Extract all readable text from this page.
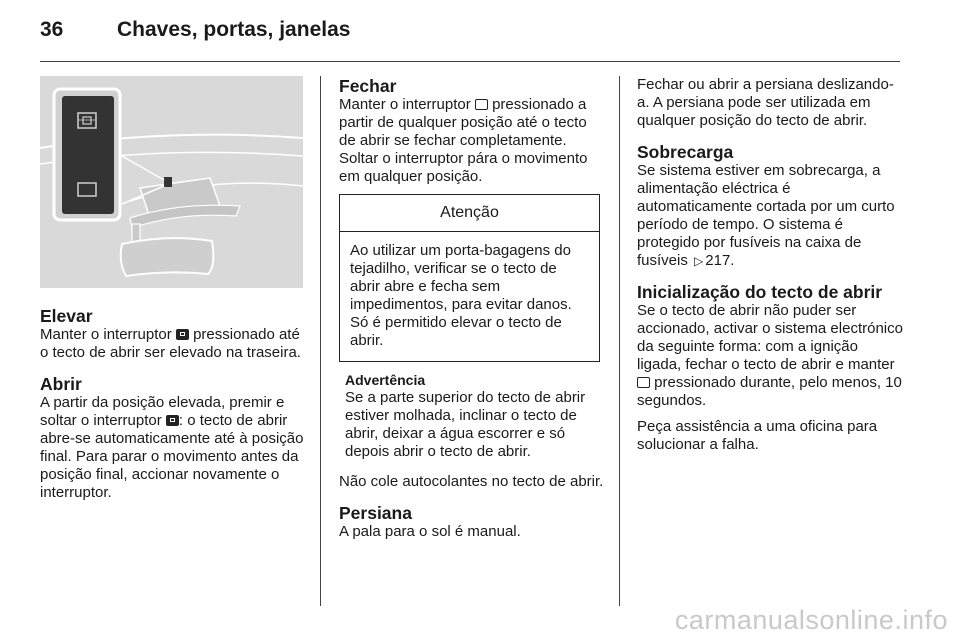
36	Chaves, portas, janelas
Elevar

Manter o interruptor  pressionado até o tecto de abrir ser elevado na traseira.

Abrir

A partir da posição elevada, premir e soltar o interruptor : o tecto de abrir abre-se automaticamente até à posição final. Para parar o movimento antes da posição final, accionar novamente o interruptor.

Fechar

Manter o interruptor  pressionado a partir de qualquer posição até o tecto de abrir se fechar completamente. Soltar o interruptor pára o movimento em qualquer posição.

Atenção
Ao utilizar um porta-bagagens do tejadilho, verificar se o tecto de abrir abre e fecha sem impedimentos, para evitar danos. Só é permitido elevar o tecto de abrir.
Advertência

Se a parte superior do tecto de abrir estiver molhada, inclinar o tecto de abrir, deixar a água escorrer e só depois abrir o tecto de abrir.

Não cole autocolantes no tecto de abrir.

Persiana

A pala para o sol é manual.

Fechar ou abrir a persiana deslizando-a. A persiana pode ser utilizada em qualquer posição do tecto de abrir.

Sobrecarga

Se sistema estiver em sobrecarga, a alimentação eléctrica é automaticamente cortada por um curto período de tempo. O sistema é protegido por fusíveis na caixa de fusíveis ▷ 217.

Inicialização do tecto de abrir

Se o tecto de abrir não puder ser accionado, activar o sistema electrónico da seguinte forma: com a ignição ligada, fechar o tecto de abrir e manter  pressionado durante, pelo menos, 10 segundos.

Peça assistência a uma oficina para solucionar a falha.

carmanualsonline.info
